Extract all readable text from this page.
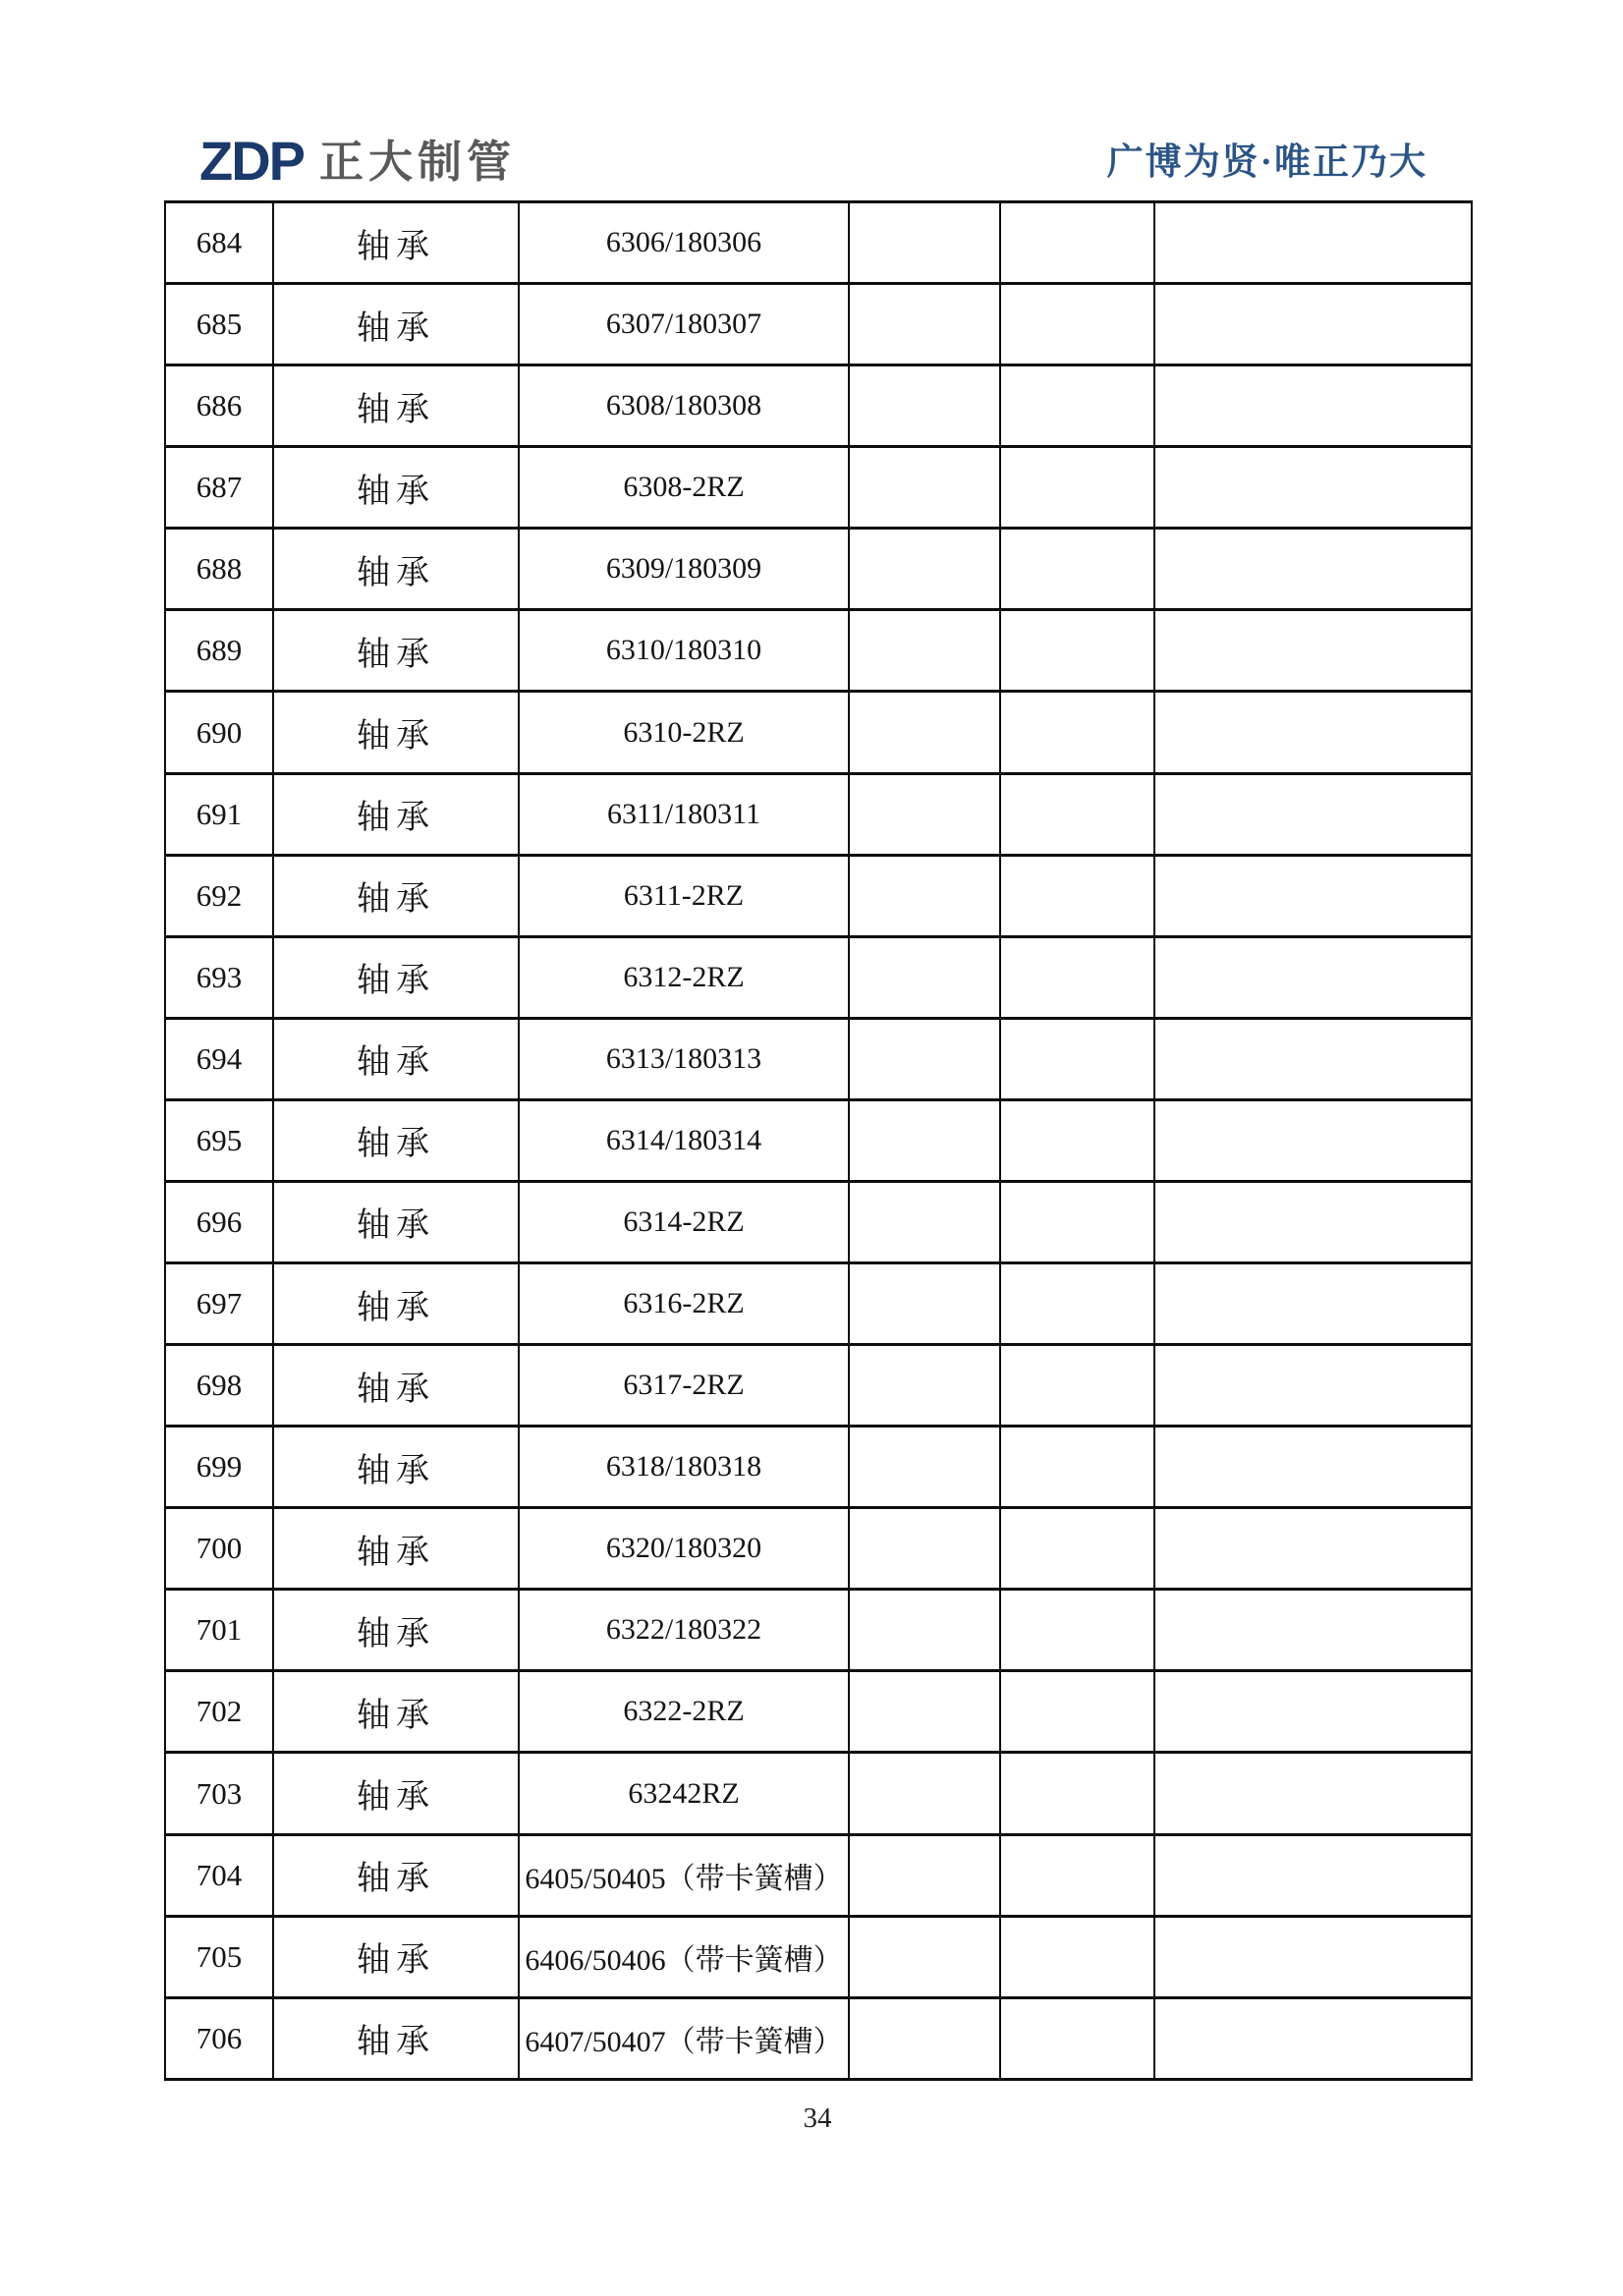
ZDP 正大制管	广博为贤·唯正乃大
684	轴承	6306/180306			
685	轴承	6307/180307			
686	轴承	6308/180308			
687	轴承	6308-2RZ			
688	轴承	6309/180309			
689	轴承	6310/180310			
690	轴承	6310-2RZ			
691	轴承	6311/180311			
692	轴承	6311-2RZ			
693	轴承	6312-2RZ			
694	轴承	6313/180313			
695	轴承	6314/180314			
696	轴承	6314-2RZ			
697	轴承	6316-2RZ			
698	轴承	6317-2RZ			
699	轴承	6318/180318			
700	轴承	6320/180320			
701	轴承	6322/180322			
702	轴承	6322-2RZ			
703	轴承	63242RZ			
704	轴承	6405/50405（带卡簧槽）			
705	轴承	6406/50406（带卡簧槽）			
706	轴承	6407/50407（带卡簧槽）			
34
